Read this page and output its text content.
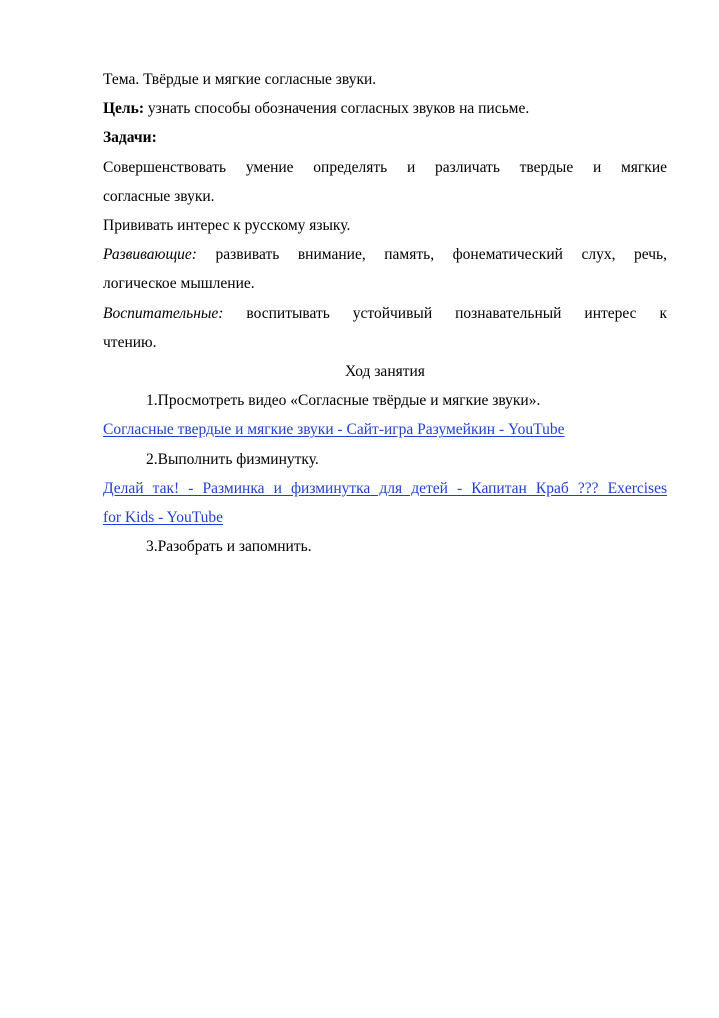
Тема. Твёрдые и мягкие согласные звуки.

Цель: узнать способы обозначения согласных звуков на письме.

Задачи:

Совершенствовать умение определять и различать твердые и мягкие

согласные звуки.

Прививать интерес к русскому языку.

Развивающие: развивать внимание, память, фонематический слух, речь,

логическое мышление.

Воспитательные: воспитывать устойчивый познавательный интерес к

чтению.

Ход занятия

1.Просмотреть видео «Согласные твёрдые и мягкие звуки».

Согласные твердые и мягкие звуки - Сайт-игра Разумейкин - YouTube

2.Выполнить физминутку.

Делай так! - Разминка и физминутка для детей - Капитан Краб ??? Exercises

for Kids - YouTube

3.Разобрать и запомнить.
